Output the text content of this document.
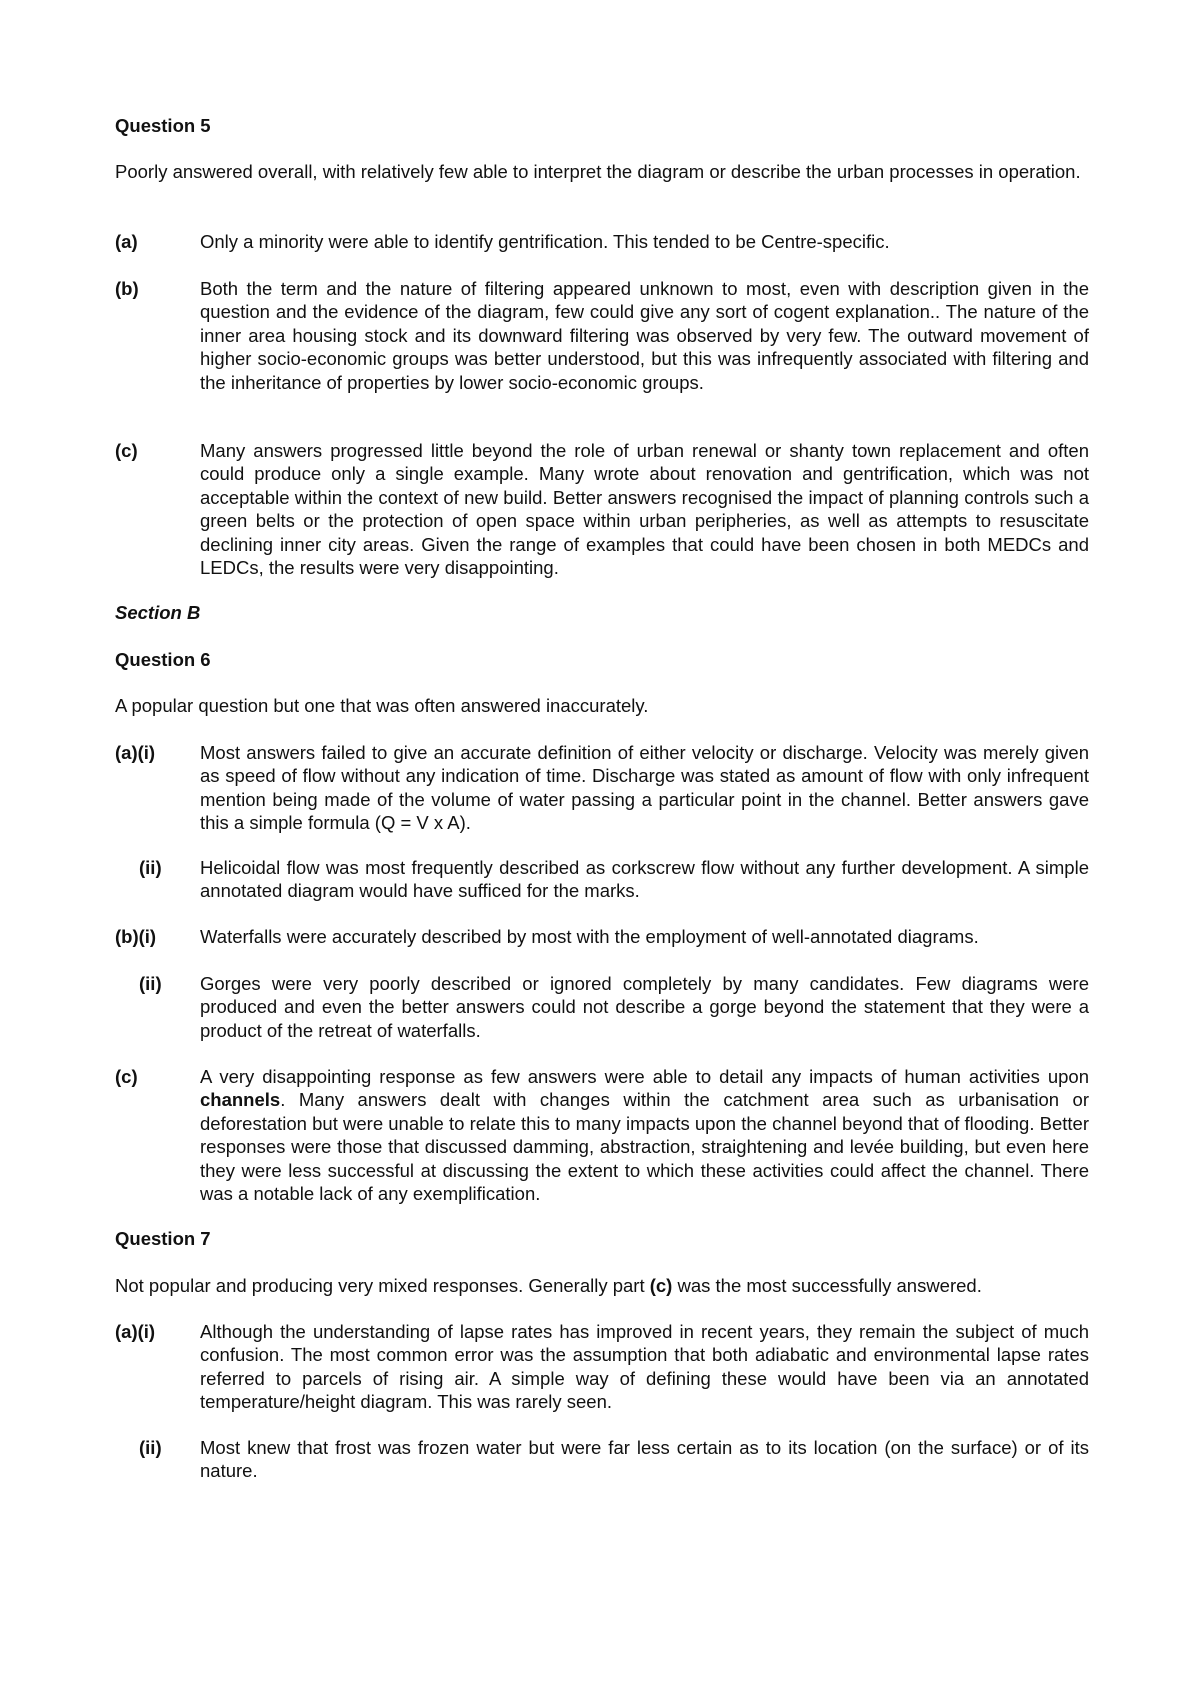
Question 5
Poorly answered overall, with relatively few able to interpret the diagram or describe the urban processes in operation.
(a)	Only a minority were able to identify gentrification. This tended to be Centre-specific.
(b)	Both the term and the nature of filtering appeared unknown to most, even with description given in the question and the evidence of the diagram, few could give any sort of cogent explanation.. The nature of the inner area housing stock and its downward filtering was observed by very few. The outward movement of higher socio-economic groups was better understood, but this was infrequently associated with filtering and the inheritance of properties by lower socio-economic groups.
(c)	Many answers progressed little beyond the role of urban renewal or shanty town replacement and often could produce only a single example. Many wrote about renovation and gentrification, which was not acceptable within the context of new build. Better answers recognised the impact of planning controls such a green belts or the protection of open space within urban peripheries, as well as attempts to resuscitate declining inner city areas. Given the range of examples that could have been chosen in both MEDCs and LEDCs, the results were very disappointing.
Section B
Question 6
A popular question but one that was often answered inaccurately.
(a)(i) Most answers failed to give an accurate definition of either velocity or discharge. Velocity was merely given as speed of flow without any indication of time. Discharge was stated as amount of flow with only infrequent mention being made of the volume of water passing a particular point in the channel. Better answers gave this a simple formula (Q = V x A).
(ii) Helicoidal flow was most frequently described as corkscrew flow without any further development. A simple annotated diagram would have sufficed for the marks.
(b)(i) Waterfalls were accurately described by most with the employment of well-annotated diagrams.
(ii) Gorges were very poorly described or ignored completely by many candidates. Few diagrams were produced and even the better answers could not describe a gorge beyond the statement that they were a product of the retreat of waterfalls.
(c)	A very disappointing response as few answers were able to detail any impacts of human activities upon channels. Many answers dealt with changes within the catchment area such as urbanisation or deforestation but were unable to relate this to many impacts upon the channel beyond that of flooding. Better responses were those that discussed damming, abstraction, straightening and levée building, but even here they were less successful at discussing the extent to which these activities could affect the channel. There was a notable lack of any exemplification.
Question 7
Not popular and producing very mixed responses. Generally part (c) was the most successfully answered.
(a)(i) Although the understanding of lapse rates has improved in recent years, they remain the subject of much confusion. The most common error was the assumption that both adiabatic and environmental lapse rates referred to parcels of rising air. A simple way of defining these would have been via an annotated temperature/height diagram. This was rarely seen.
(ii) Most knew that frost was frozen water but were far less certain as to its location (on the surface) or of its nature.
